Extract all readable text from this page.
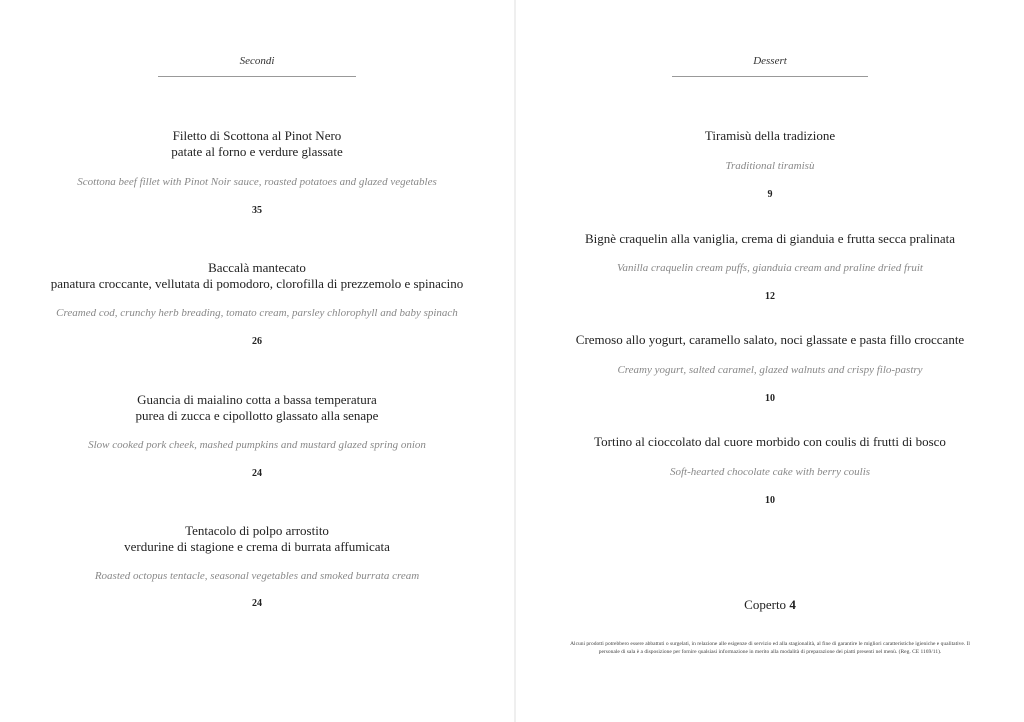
Secondi
Filetto di Scottona al Pinot Nero
patate al forno e verdure glassate
Scottona beef fillet with Pinot Noir sauce, roasted potatoes and glazed vegetables
35
Baccalà mantecato
panatura croccante, vellutata di pomodoro, clorofilla di prezzemolo e spinacino
Creamed cod, crunchy herb breading, tomato cream, parsley chlorophyll and baby spinach
26
Guancia di maialino cotta a bassa temperatura
purea di zucca e cipollotto glassato alla senape
Slow cooked pork cheek, mashed pumpkins and mustard glazed spring onion
24
Tentacolo di polpo arrostito
verdurine di stagione e crema di burrata affumicata
Roasted octopus tentacle, seasonal vegetables and smoked burrata cream
24
Dessert
Tiramisù della tradizione
Traditional tiramisù
9
Bignè craquelin alla vaniglia, crema di gianduia e frutta secca pralinata
Vanilla craquelin cream puffs, gianduia cream and praline dried fruit
12
Cremoso allo yogurt, caramello salato, noci glassate e pasta fillo croccante
Creamy yogurt, salted caramel, glazed walnuts and crispy filo-pastry
10
Tortino al cioccolato dal cuore morbido con coulis di frutti di bosco
Soft-hearted chocolate cake with berry coulis
10
Coperto 4
Alcuni prodotti potrebbero essere abbattuti o surgelati, in relazione alle esigenze di servizio ed alla stagionalità, al fine di garantire le migliori caratteristiche igieniche e qualitative. Il personale di sala è a disposizione per fornire qualsiasi informazione in merito alla modalità di preparazione dei piatti presenti nel menù. (Reg. CE 1169/11).
